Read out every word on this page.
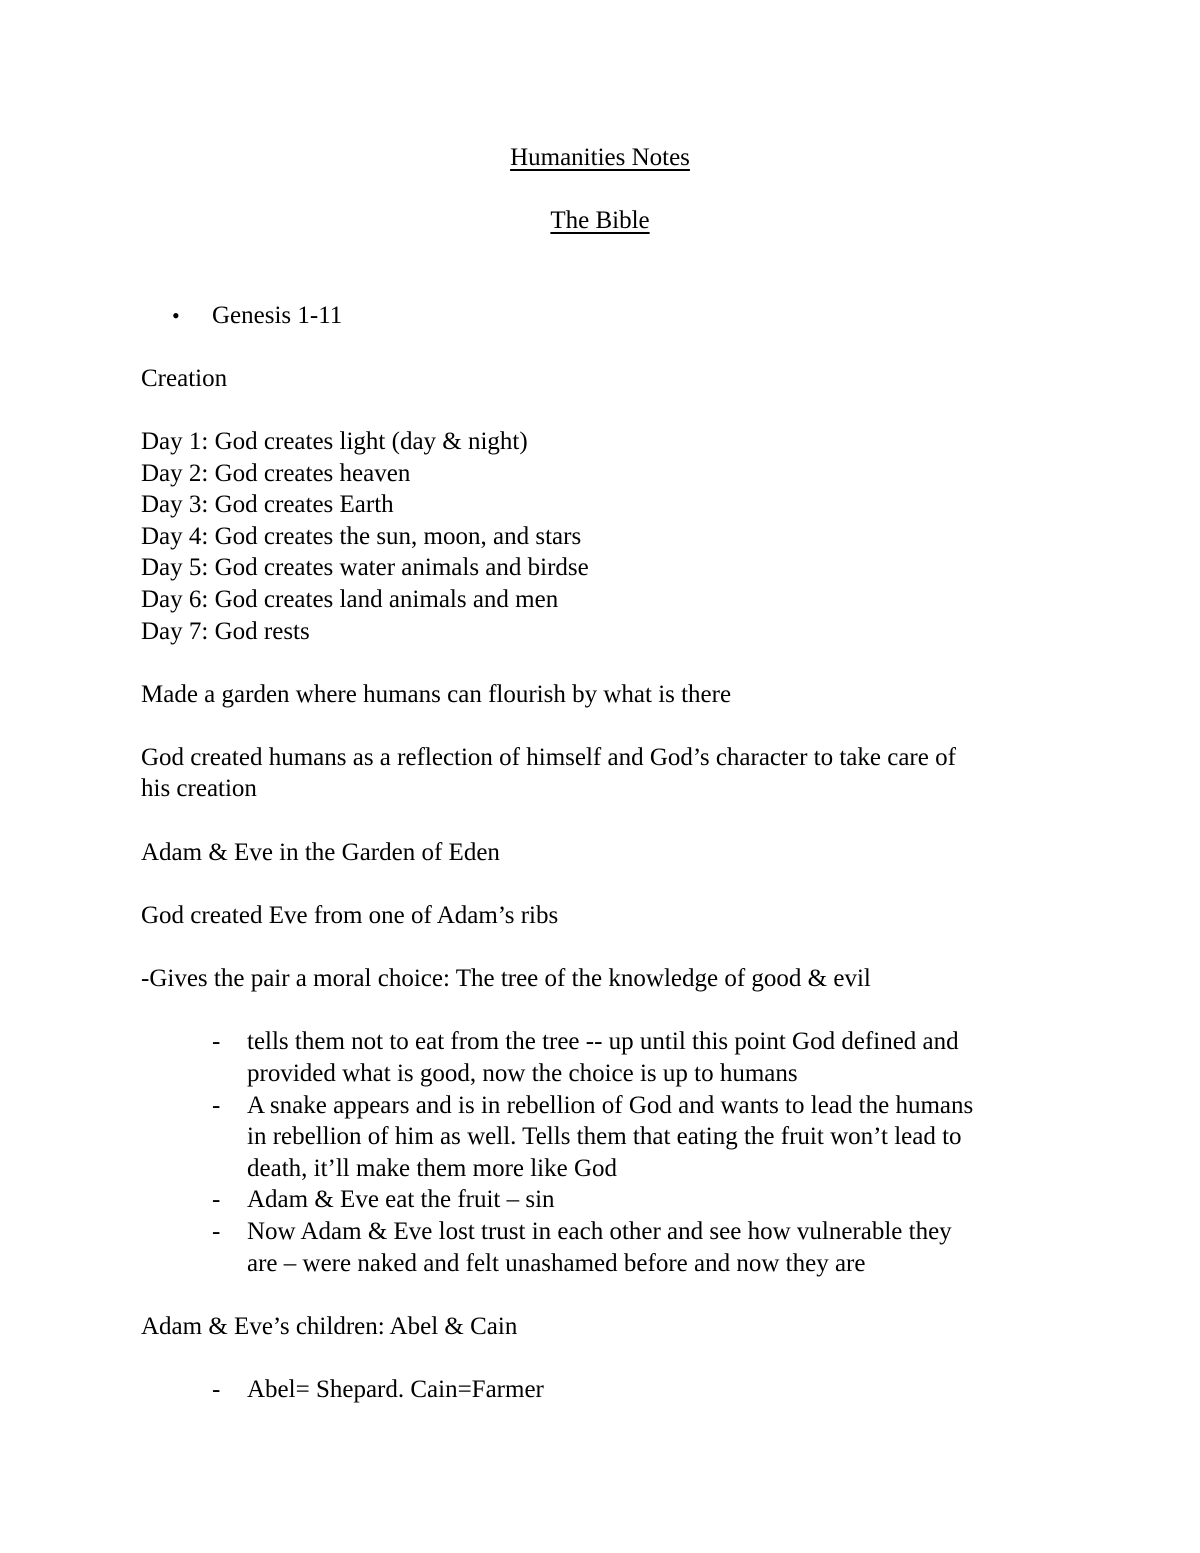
Humanities Notes
The Bible
• Genesis 1-11
Creation
Day 1: God creates light (day & night)
Day 2: God creates heaven
Day 3: God creates Earth
Day 4: God creates the sun, moon, and stars
Day 5: God creates water animals and birdse
Day 6: God creates land animals and men
Day 7: God rests
Made a garden where humans can flourish by what is there
God created humans as a reflection of himself and God’s character to take care of
his creation
Adam & Eve in the Garden of Eden
God created Eve from one of Adam’s ribs
-Gives the pair a moral choice: The tree of the knowledge of good & evil
- tells them not to eat from the tree -- up until this point God defined and
provided what is good, now the choice is up to humans
- A snake appears and is in rebellion of God and wants to lead the humans
in rebellion of him as well. Tells them that eating the fruit won’t lead to
death, it’ll make them more like God
- Adam & Eve eat the fruit – sin
- Now Adam & Eve lost trust in each other and see how vulnerable they
are – were naked and felt unashamed before and now they are
Adam & Eve’s children: Abel & Cain
- Abel= Shepard. Cain=Farmer
